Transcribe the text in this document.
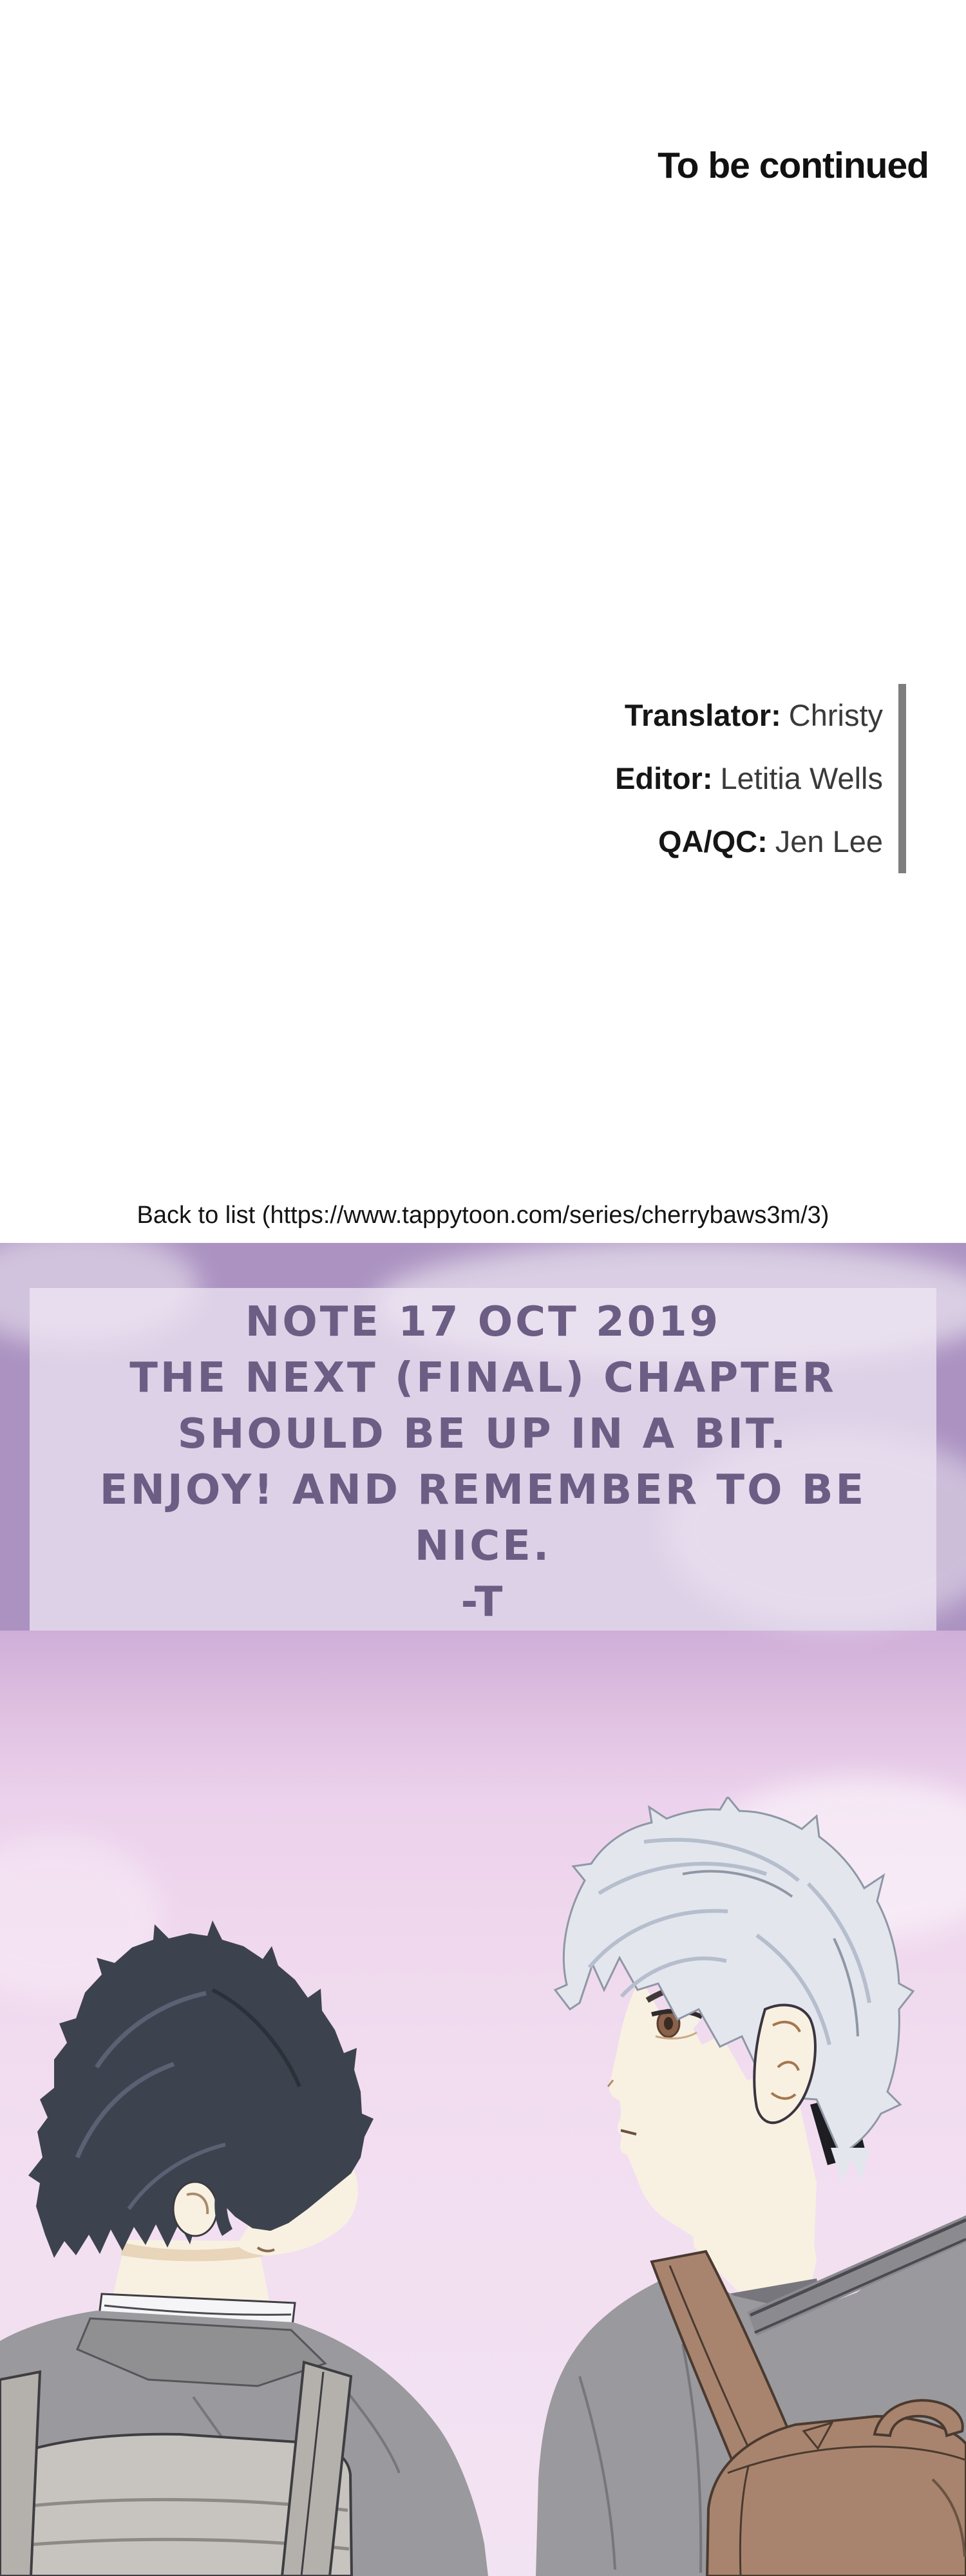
To be continued
Translator: Christy
Editor: Letitia Wells
QA/QC: Jen Lee
Back to list (https://www.tappytoon.com/series/cherrybaws3m/3)
NOTE 17 OCT 2019
THE NEXT (FINAL) CHAPTER
SHOULD BE UP IN A BIT.
ENJOY! AND REMEMBER TO BE
NICE.
-T
